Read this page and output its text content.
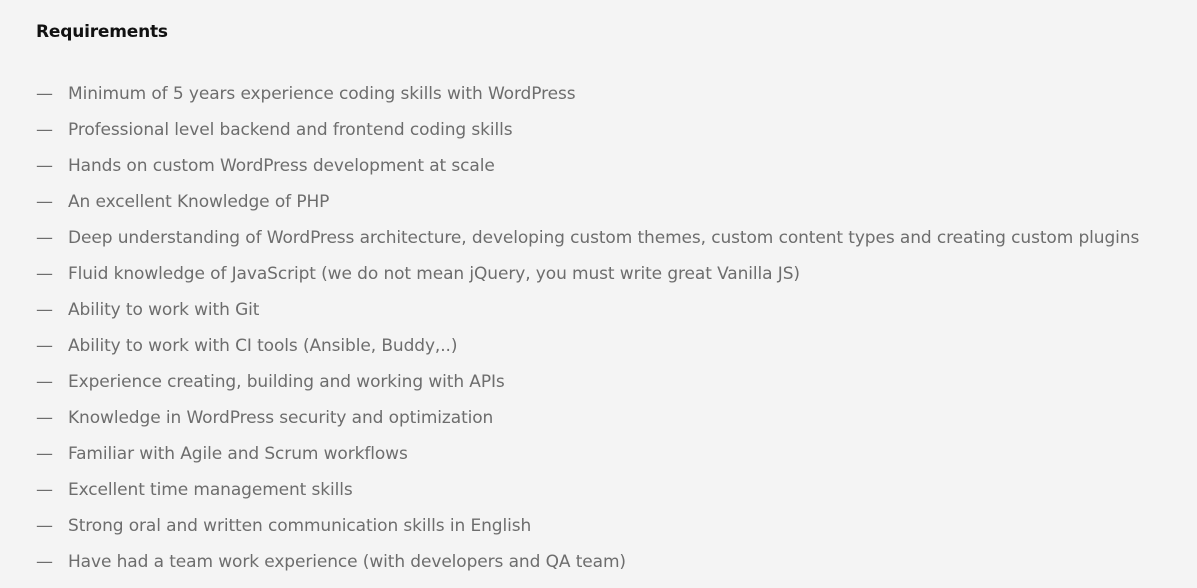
Requirements
— Minimum of 5 years experience coding skills with WordPress
— Professional level backend and frontend coding skills
— Hands on custom WordPress development at scale
— An excellent Knowledge of PHP
— Deep understanding of WordPress architecture, developing custom themes, custom content types and creating custom plugins
— Fluid knowledge of JavaScript (we do not mean jQuery, you must write great Vanilla JS)
— Ability to work with Git
— Ability to work with CI tools (Ansible, Buddy,..)
— Experience creating, building and working with APIs
— Knowledge in WordPress security and optimization
— Familiar with Agile and Scrum workflows
— Excellent time management skills
— Strong oral and written communication skills in English
— Have had a team work experience (with developers and QA team)
